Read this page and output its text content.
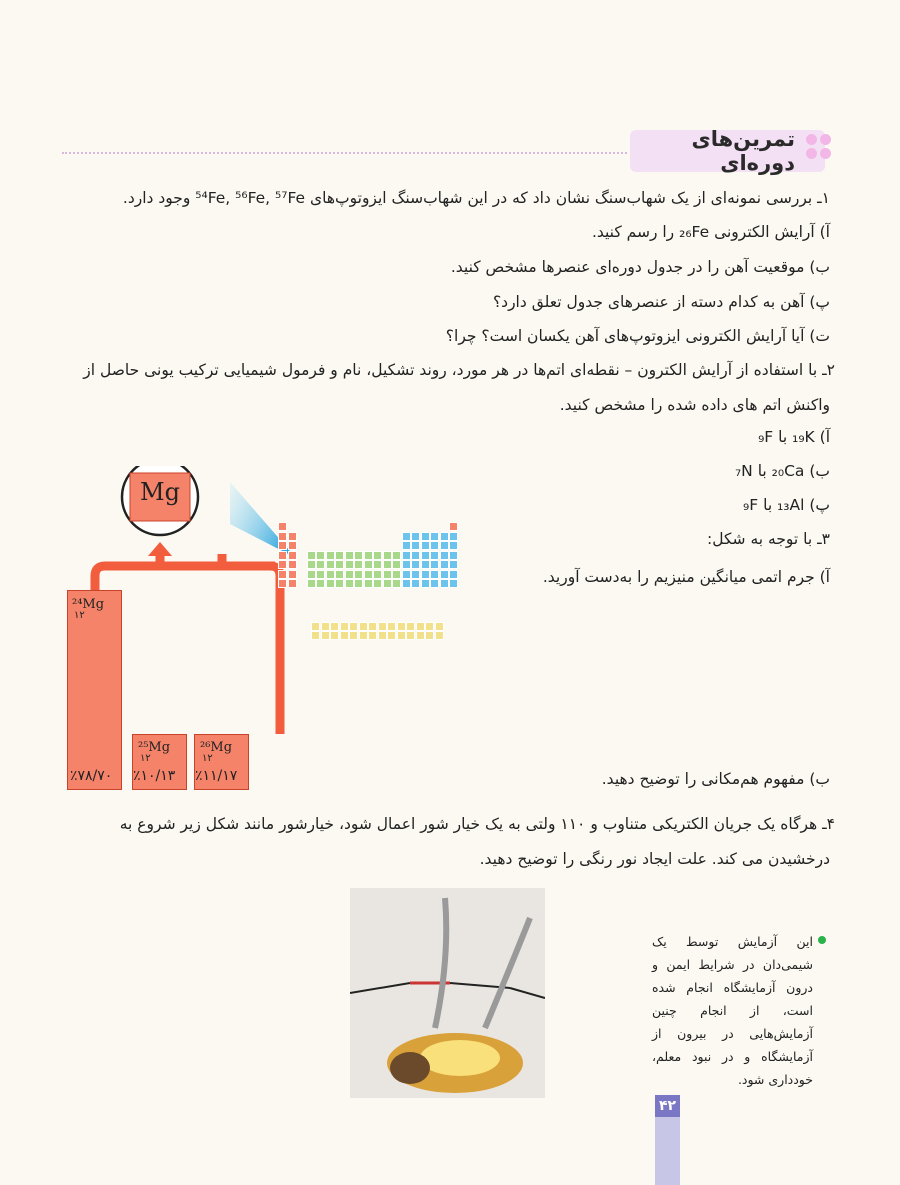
تمرین‌های دوره‌ای
۱ـ بررسی نمونه‌ای از یک شهاب‌سنگ نشان داد که در این شهاب‌سنگ ایزوتوپ‌های ⁵⁴Fe, ⁵⁶Fe, ⁵⁷Fe وجود دارد.
آ) آرایش الکترونی ₂₆Fe را رسم کنید.
ب) موقعیت آهن را در جدول دوره‌ای عنصرها مشخص کنید.
پ) آهن به کدام دسته از عنصرهای جدول تعلق دارد؟
ت) آیا آرایش الکترونی ایزوتوپ‌های آهن یکسان است؟ چرا؟
۲ـ با استفاده از آرایش الکترون – نقطه‌ای اتم‌ها در هر مورد، روند تشکیل، نام و فرمول شیمیایی ترکیب یونی حاصل از
واکنش اتم های داده شده را مشخص کنید.
آ) ₁₉K با ₉F
ب) ₂₀Ca با ₇N
پ) ₁₃Al با ₉F
۳ـ با توجه به شکل:
آ) جرم اتمی میانگین منیزیم را به‌دست آورید.
ب) مفهوم هم‌مکانی را توضیح دهید.
۴ـ هرگاه یک جریان الکتریکی متناوب و ۱۱۰ ولتی به یک خیار شور اعمال شود، خیارشور مانند شکل زیر شروع به
درخشیدن می کند. علت ایجاد نور رنگی را توضیح دهید.
Mg
²⁴Mg
۱۲
٪۷۸/۷۰
²⁵Mg
۱۲
٪۱۰/۱۳
²⁶Mg
۱۲
٪۱۱/۱۷
این آزمایش توسط یک شیمی‌دان در شرایط ایمن و درون آزمایشگاه انجام شده است، از انجام چنین آزمایش‌هایی در بیرون از آزمایشگاه و در نبود معلم، خودداری شود.
۴۲
